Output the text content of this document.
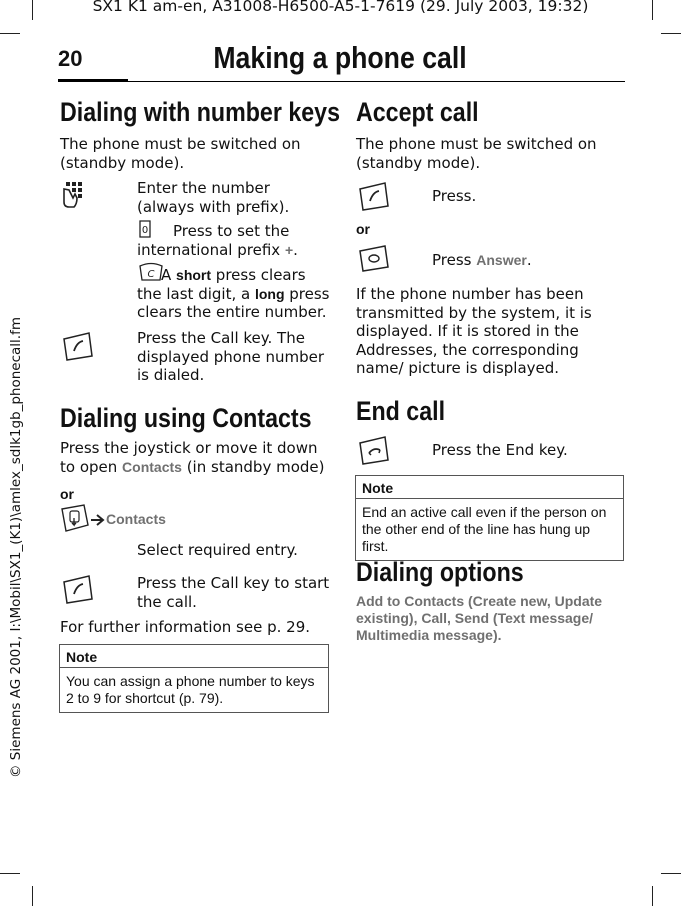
SX1 K1 am-en, A31008-H6500-A5-1-7619 (29. July 2003, 19:32)
© Siemens AG 2001, I:\Mobil\SX1_(K1)\amlex_sdlk1gb_phonecall.fm
20	Making a phone call
Dialing with number keys
The phone must be switched on (standby mode).
Enter the number (always with prefix).
0	Press to set the international prefix +.
C A short press clears the last digit, a long press clears the entire number.
Press the Call key. The displayed phone number is dialed.
Dialing using Contacts
Press the joystick or move it down to open Contacts (in standby mode)
or
Contacts
Select required entry.
Press the Call key to start the call.
For further information see p. 29.
Note
You can assign a phone number to keys 2 to 9 for shortcut (p. 79).
Accept call
The phone must be switched on (standby mode).
Press.
or
Press Answer.
If the phone number has been transmitted by the system, it is displayed. If it is stored in the Addresses, the corresponding name/ picture is displayed.
End call
Press the End key.
Note
End an active call even if the person on the other end of the line has hung up first.
Dialing options
Add to Contacts (Create new, Update existing), Call, Send (Text message/ Multimedia message).
